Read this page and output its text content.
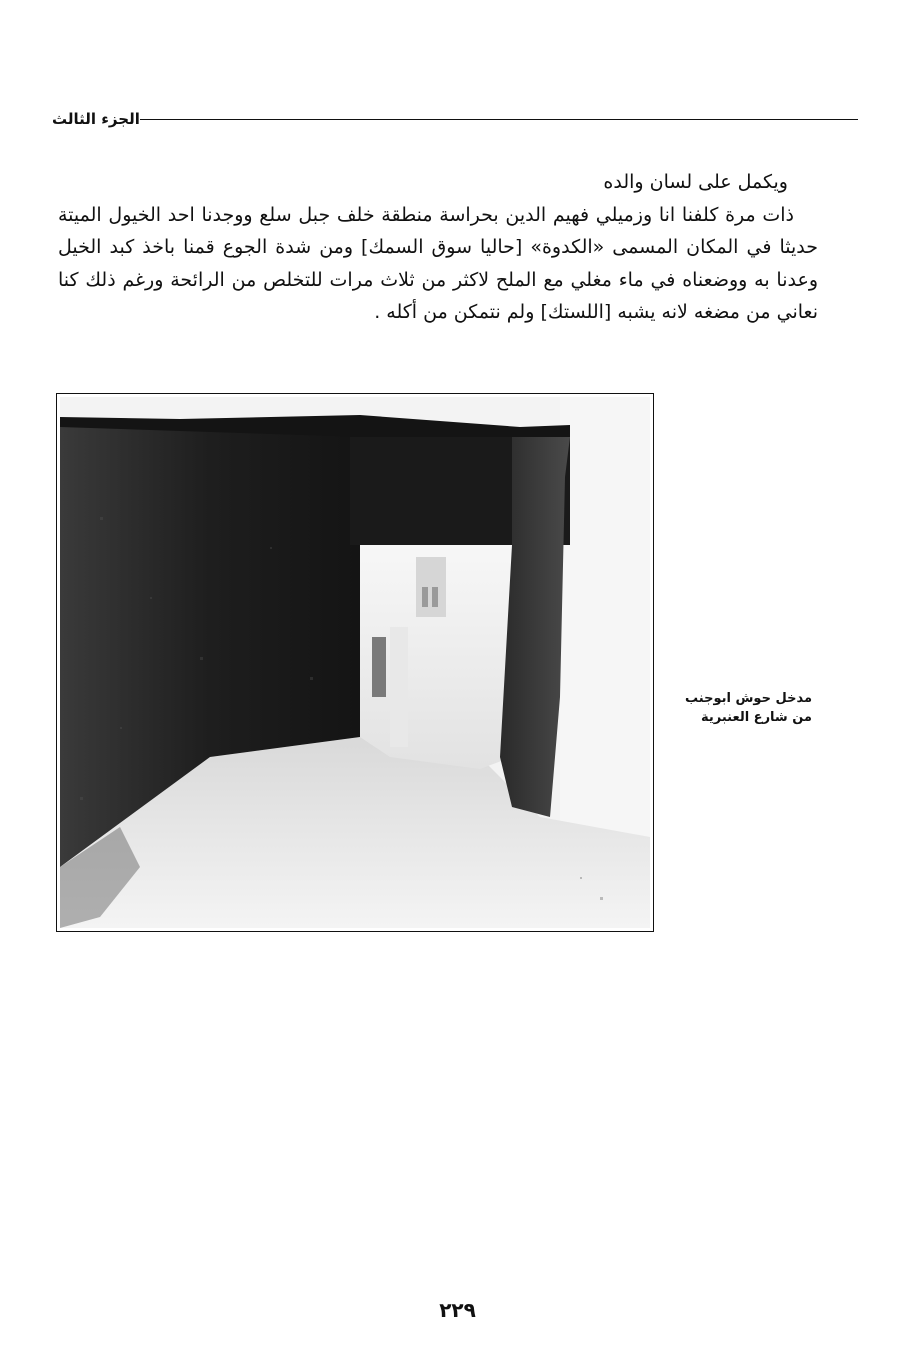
الجزء الثالث

ويكمل على لسان والده

ذات مرة كلفنا انا وزميلي فهيم الدين بحراسة منطقة خلف جبل سلع ووجدنا احد الخيول الميتة حديثا في المكان المسمى «الكدوة» [حاليا سوق السمك] ومن شدة الجوع قمنا باخذ كبد الخيل وعدنا به ووضعناه في ماء مغلي مع الملح لاكثر من ثلاث مرات للتخلص من الرائحة ورغم ذلك كنا نعاني من مضغه لانه يشبه [اللستك] ولم نتمكن من أكله .

مدخل حوش ابوجنب
من شارع العنبرية
٢٢٩
